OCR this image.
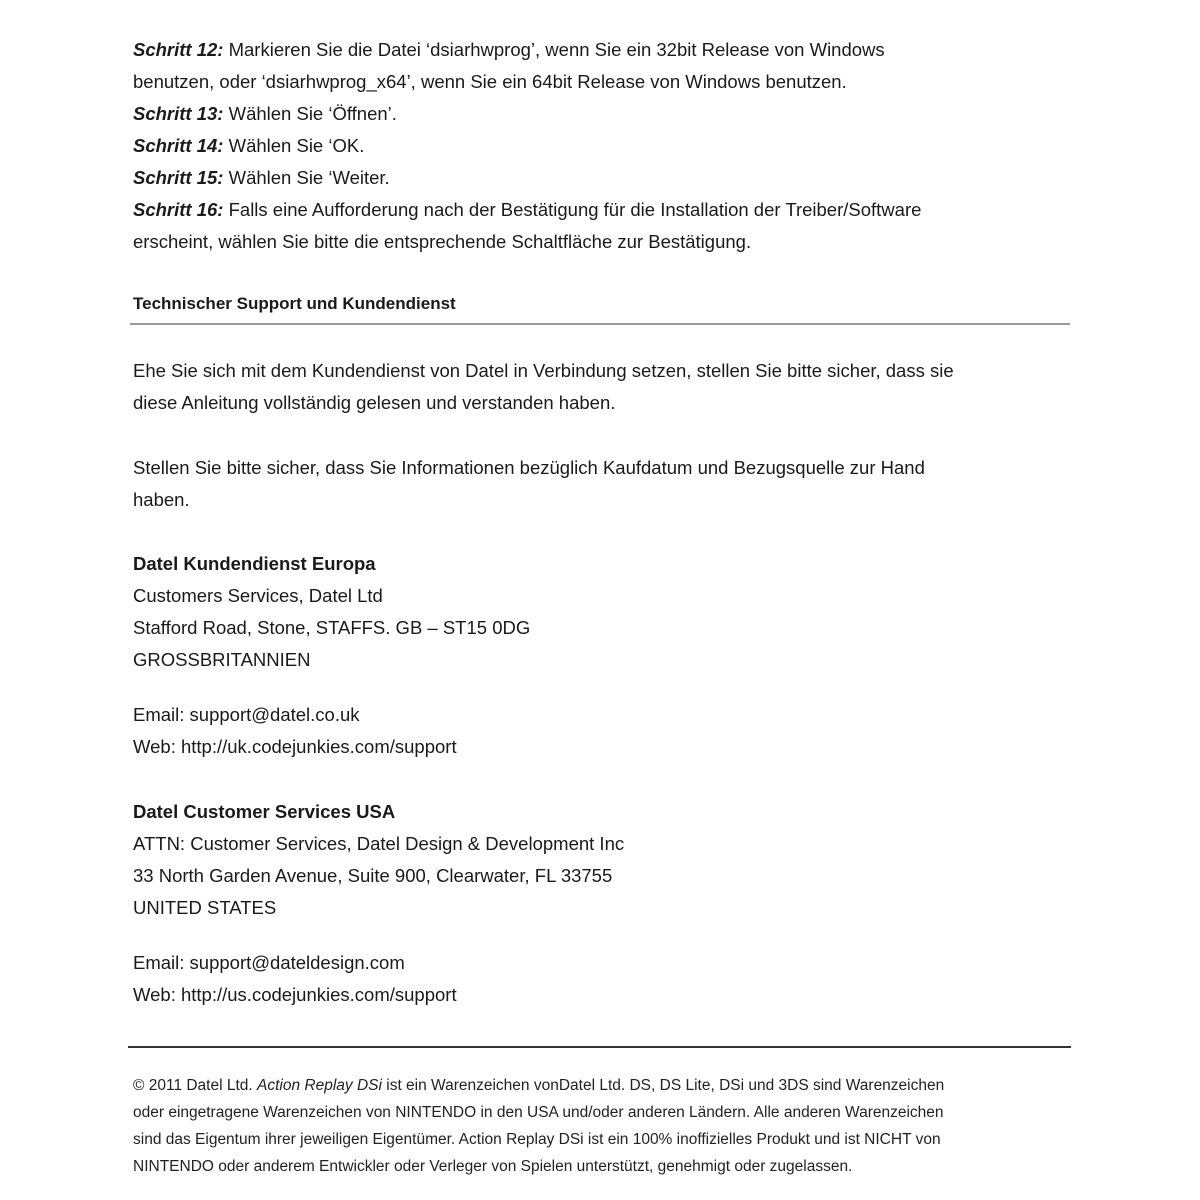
Schritt 12: Markieren Sie die Datei ‘dsiarhwprog’, wenn Sie ein 32bit Release von Windows
benutzen, oder ‘dsiarhwprog_x64’, wenn Sie ein 64bit Release von Windows benutzen.
Schritt 13: Wählen Sie ‘Öffnen’.
Schritt 14: Wählen Sie ‘OK.
Schritt 15: Wählen Sie ‘Weiter.
Schritt 16: Falls eine Aufforderung nach der Bestätigung für die Installation der Treiber/Software
erscheint, wählen Sie bitte die entsprechende Schaltfläche zur Bestätigung.
Technischer Support und Kundendienst
Ehe Sie sich mit dem Kundendienst von Datel in Verbindung setzen, stellen Sie bitte sicher, dass sie
diese Anleitung vollständig gelesen und verstanden haben.
Stellen Sie bitte sicher, dass Sie Informationen bezüglich Kaufdatum und Bezugsquelle zur Hand
haben.
Datel Kundendienst Europa
Customers Services, Datel Ltd
Stafford Road, Stone, STAFFS. GB – ST15 0DG
GROSSBRITANNIEN
Email: support@datel.co.uk
Web: http://uk.codejunkies.com/support
Datel Customer Services USA
ATTN: Customer Services, Datel Design & Development Inc
33 North Garden Avenue, Suite 900, Clearwater, FL 33755
UNITED STATES
Email: support@dateldesign.com
Web: http://us.codejunkies.com/support
© 2011 Datel Ltd. Action Replay DSi ist ein Warenzeichen vonDatel Ltd. DS, DS Lite, DSi und 3DS sind Warenzeichen
oder eingetragene Warenzeichen von NINTENDO in den USA und/oder anderen Ländern. Alle anderen Warenzeichen
sind das Eigentum ihrer jeweiligen Eigentümer. Action Replay DSi ist ein 100% inoffizielles Produkt und ist NICHT von
NINTENDO oder anderem Entwickler oder Verleger von Spielen unterstützt, genehmigt oder zugelassen.
